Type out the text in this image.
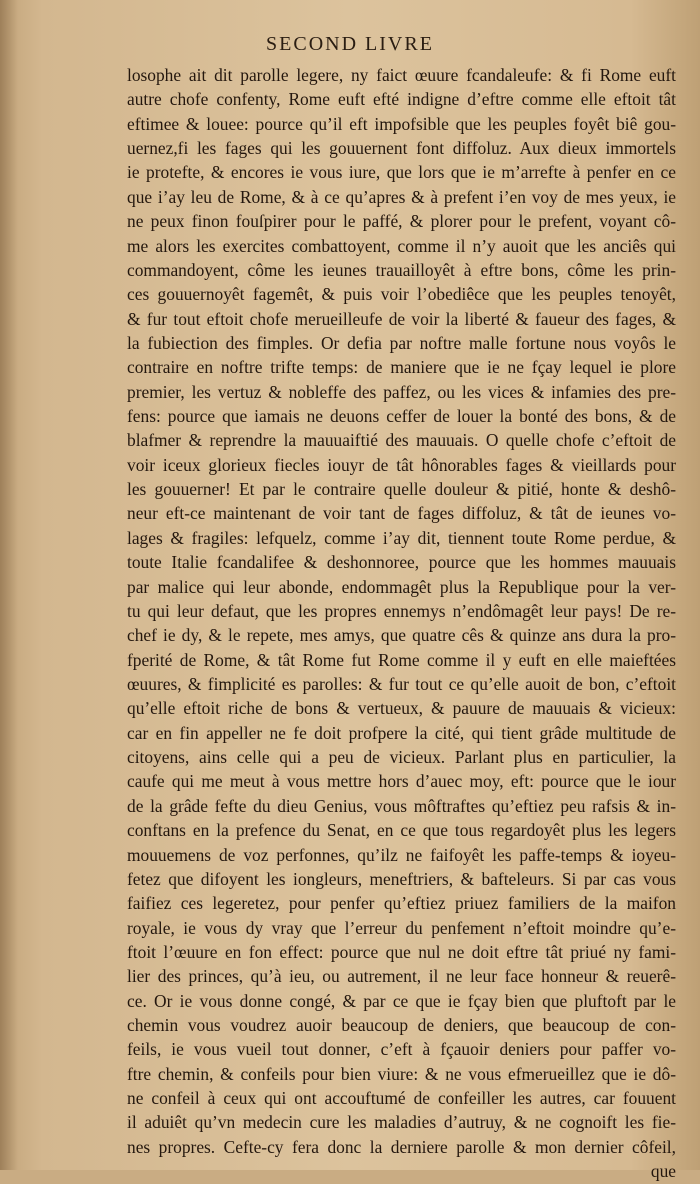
SECOND LIVRE
losophe ait dit parolle legere, ny faict œuure fcandaleufe: & fi Rome euft
autre chofe confenty, Rome euft efté indigne d’eftre comme elle eftoit tât
eftimee & louee: pource qu’il eft impofsible que les peuples foyêt biê gou-
uernez,fi les fages qui les gouuernent font diffoluz. Aux dieux immortels
ie protefte, & encores ie vous iure, que lors que ie m’arrefte à penfer en ce
que i’ay leu de Rome, & à ce qu’apres & à prefent i’en voy de mes yeux, ie
ne peux finon fouſpirer pour le paffé, & plorer pour le prefent, voyant cô-
me alors les exercites combattoyent, comme il n’y auoit que les anciês qui
commandoyent, côme les ieunes trauailloyêt à eftre bons, côme les prin-
ces gouuernoyêt fagemêt, & puis voir l’obediêce que les peuples tenoyêt,
& fur tout eftoit chofe merueilleufe de voir la liberté & faueur des fages, &
la fubiection des fimples. Or defia par noftre malle fortune nous voyôs le
contraire en noftre trifte temps: de maniere que ie ne fçay lequel ie plore
premier, les vertuz & nobleffe des paffez, ou les vices & infamies des pre-
fens: pource que iamais ne deuons ceffer de louer la bonté des bons, & de
blafmer & reprendre la mauuaiftié des mauuais. O quelle chofe c’eftoit de
voir iceux glorieux fiecles iouyr de tât hônorables fages & vieillards pour
les gouuerner! Et par le contraire quelle douleur & pitié, honte & deshô-
neur eft-ce maintenant de voir tant de fages diffoluz, & tât de ieunes vo-
lages & fragiles: lefquelz, comme i’ay dit, tiennent toute Rome perdue, &
toute Italie fcandalifee & deshonnoree, pource que les hommes mauuais
par malice qui leur abonde, endommagêt plus la Republique pour la ver-
tu qui leur defaut, que les propres ennemys n’endômagêt leur pays! De re-
chef ie dy, & le repete, mes amys, que quatre cês & quinze ans dura la pro-
fperité de Rome, & tât Rome fut Rome comme il y euft en elle maieftées
œuures, & fimplicité es parolles: & fur tout ce qu’elle auoit de bon, c’eftoit
qu’elle eftoit riche de bons & vertueux, & pauure de mauuais & vicieux:
car en fin appeller ne fe doit profpere la cité, qui tient grâde multitude de
citoyens, ains celle qui a peu de vicieux. Parlant plus en particulier, la
caufe qui me meut à vous mettre hors d’auec moy, eft: pource que le iour
de la grâde fefte du dieu Genius, vous môftraftes qu’eftiez peu rafsis & in-
conftans en la prefence du Senat, en ce que tous regardoyêt plus les legers
mouuemens de voz perfonnes, qu’ilz ne faifoyêt les paffe-temps & ioyeu-
fetez que difoyent les iongleurs, meneftriers, & bafteleurs. Si par cas vous
faifiez ces legeretez, pour penfer qu’eftiez priuez familiers de la maifon
royale, ie vous dy vray que l’erreur du penfement n’eftoit moindre qu’e-
ftoit l’œuure en fon effect: pource que nul ne doit eftre tât priué ny fami-
lier des princes, qu’à ieu, ou autrement, il ne leur face honneur & reuerê-
ce. Or ie vous donne congé, & par ce que ie fçay bien que pluftoft par le
chemin vous voudrez auoir beaucoup de deniers, que beaucoup de con-
feils, ie vous vueil tout donner, c’eft à fçauoir deniers pour paffer vo-
ftre chemin, & confeils pour bien viure: & ne vous efmerueillez que ie dô-
ne confeil à ceux qui ont accouftumé de confeiller les autres, car fouuent
il aduiêt qu’vn medecin cure les maladies d’autruy, & ne cognoift les fie-
nes propres. Cefte-cy fera donc la derniere parolle & mon dernier côfeil,
que
